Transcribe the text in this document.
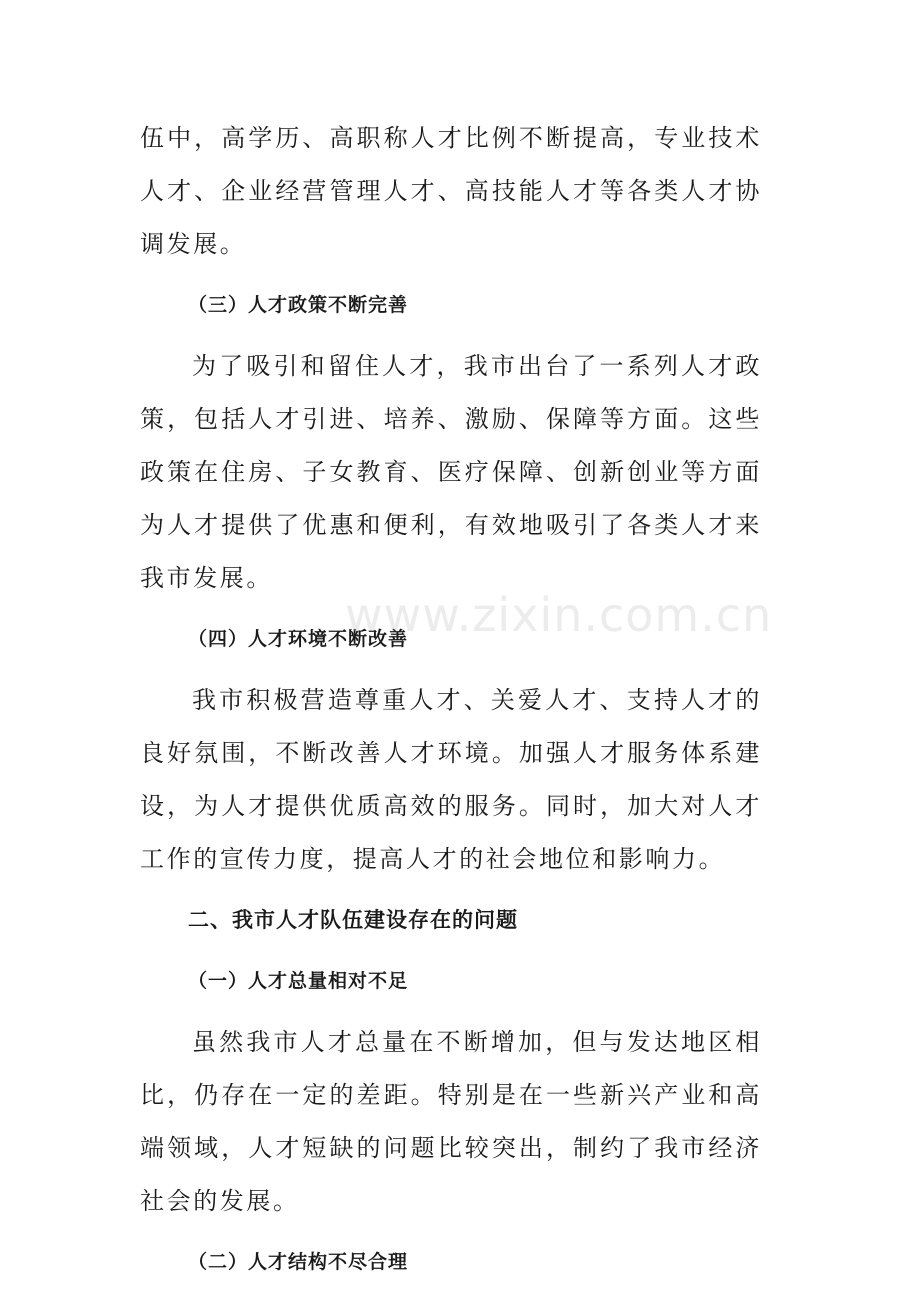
伍中，高学历、高职称人才比例不断提高，专业技术人才、企业经营管理人才、高技能人才等各类人才协调发展。

（三）人才政策不断完善

为了吸引和留住人才，我市出台了一系列人才政策，包括人才引进、培养、激励、保障等方面。这些政策在住房、子女教育、医疗保障、创新创业等方面为人才提供了优惠和便利，有效地吸引了各类人才来我市发展。

（四）人才环境不断改善

我市积极营造尊重人才、关爱人才、支持人才的良好氛围，不断改善人才环境。加强人才服务体系建设，为人才提供优质高效的服务。同时，加大对人才工作的宣传力度，提高人才的社会地位和影响力。

二、我市人才队伍建设存在的问题
（一）人才总量相对不足

虽然我市人才总量在不断增加，但与发达地区相比，仍存在一定的差距。特别是在一些新兴产业和高端领域，人才短缺的问题比较突出，制约了我市经济社会的发展。

（二）人才结构不尽合理
www.zixin.com.cn
